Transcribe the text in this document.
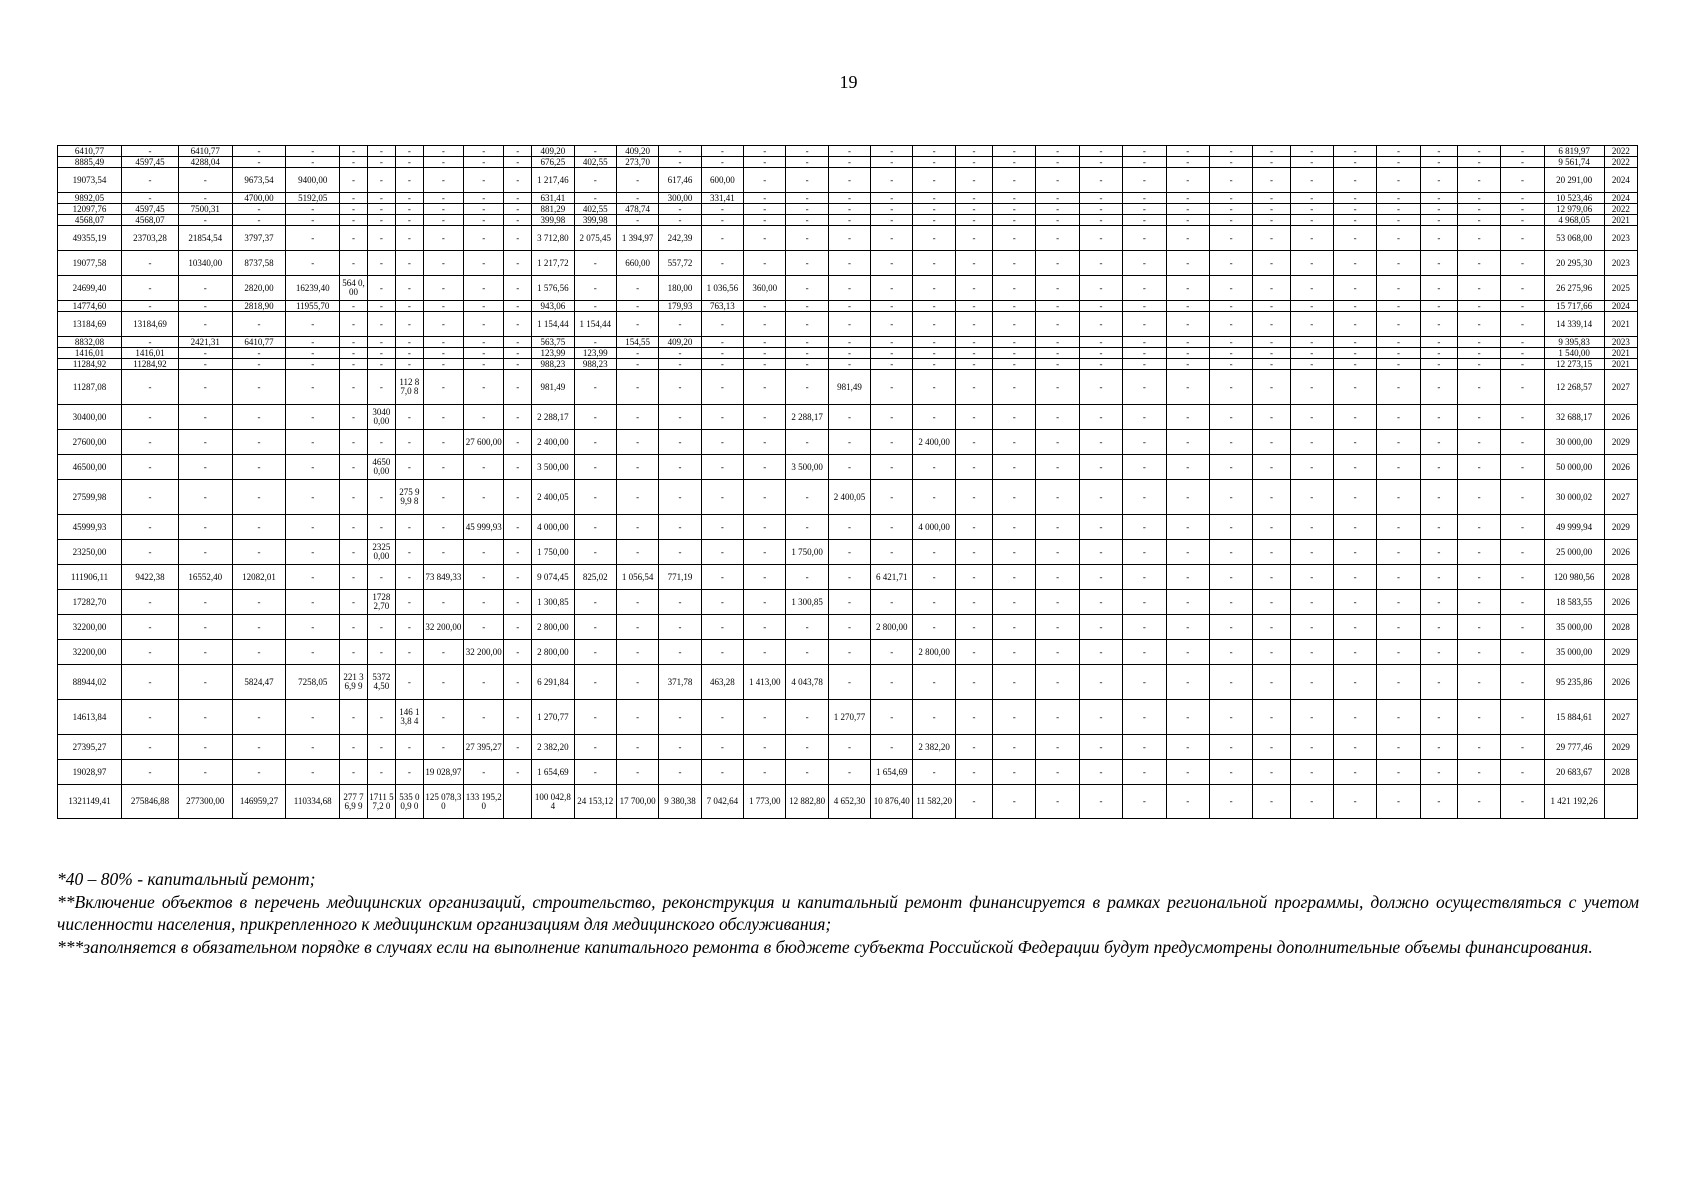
19
6410,77	-	6410,77	-	-	-	-	-	-	-	-	409,20	-	409,20	-	-	-	-	-	-	-	-	-	-	-	-	-	-	-	-	-	-	-	-	-	6 819,97	2022
8885,49	4597,45	4288,04	-	-	-	-	-	-	-	-	676,25	402,55	273,70	-	-	-	-	-	-	-	-	-	-	-	-	-	-	-	-	-	-	-	-	-	9 561,74	2022
19073,54	-	-	9673,54	9400,00	-	-	-	-	-	-	1 217,46	-	-	617,46	600,00	-	-	-	-	-	-	-	-	-	-	-	-	-	-	-	-	-	-	-	20 291,00	2024
9892,05	-	-	4700,00	5192,05	-	-	-	-	-	-	631,41	-	-	300,00	331,41	-	-	-	-	-	-	-	-	-	-	-	-	-	-	-	-	-	-	-	10 523,46	2024
12097,76	4597,45	7500,31	-	-	-	-	-	-	-	-	881,29	402,55	478,74	-	-	-	-	-	-	-	-	-	-	-	-	-	-	-	-	-	-	-	-	-	12 979,06	2022
4568,07	4568,07	-	-	-	-	-	-	-	-	-	399,98	399,98	-	-	-	-	-	-	-	-	-	-	-	-	-	-	-	-	-	-	-	-	-	-	4 968,05	2021
49355,19	23703,28	21854,54	3797,37	-	-	-	-	-	-	-	3 712,80	2 075,45	1 394,97	242,39	-	-	-	-	-	-	-	-	-	-	-	-	-	-	-	-	-	-	-	-	53 068,00	2023
19077,58	-	10340,00	8737,58	-	-	-	-	-	-	-	1 217,72	-	660,00	557,72	-	-	-	-	-	-	-	-	-	-	-	-	-	-	-	-	-	-	-	-	20 295,30	2023
24699,40	-	-	2820,00	16239,40	564 0,00	-	-	-	-	-	1 576,56	-	-	180,00	1 036,56	360,00	-	-	-	-	-	-	-	-	-	-	-	-	-	-	-	-	-	-	26 275,96	2025
14774,60	-	-	2818,90	11955,70	-	-	-	-	-	-	943,06	-	-	179,93	763,13	-	-	-	-	-	-	-	-	-	-	-	-	-	-	-	-	-	-	-	15 717,66	2024
13184,69	13184,69	-	-	-	-	-	-	-	-	-	1 154,44	1 154,44	-	-	-	-	-	-	-	-	-	-	-	-	-	-	-	-	-	-	-	-	-	-	14 339,14	2021
8832,08	-	2421,31	6410,77	-	-	-	-	-	-	-	563,75	-	154,55	409,20	-	-	-	-	-	-	-	-	-	-	-	-	-	-	-	-	-	-	-	-	9 395,83	2023
1416,01	1416,01	-	-	-	-	-	-	-	-	-	123,99	123,99	-	-	-	-	-	-	-	-	-	-	-	-	-	-	-	-	-	-	-	-	-	-	1 540,00	2021
11284,92	11284,92	-	-	-	-	-	-	-	-	-	988,23	988,23	-	-	-	-	-	-	-	-	-	-	-	-	-	-	-	-	-	-	-	-	-	-	12 273,15	2021
11287,08	-	-	-	-	-	-	112 87,0 8	-	-	-	981,49	-	-	-	-	-	-	981,49	-	-	-	-	-	-	-	-	-	-	-	-	-	-	-	-	12 268,57	2027
30400,00	-	-	-	-	-	3040 0,00	-	-	-	-	2 288,17	-	-	-	-	-	2 288,17	-	-	-	-	-	-	-	-	-	-	-	-	-	-	-	-	-	32 688,17	2026
27600,00	-	-	-	-	-	-	-	-	27 600,00	-	2 400,00	-	-	-	-	-	-	-	-	2 400,00	-	-	-	-	-	-	-	-	-	-	-	-	-	-	30 000,00	2029
46500,00	-	-	-	-	-	4650 0,00	-	-	-	-	3 500,00	-	-	-	-	-	3 500,00	-	-	-	-	-	-	-	-	-	-	-	-	-	-	-	-	-	50 000,00	2026
27599,98	-	-	-	-	-	-	275 99,9 8	-	-	-	2 400,05	-	-	-	-	-	-	2 400,05	-	-	-	-	-	-	-	-	-	-	-	-	-	-	-	-	30 000,02	2027
45999,93	-	-	-	-	-	-	-	-	45 999,93	-	4 000,00	-	-	-	-	-	-	-	-	4 000,00	-	-	-	-	-	-	-	-	-	-	-	-	-	-	49 999,94	2029
23250,00	-	-	-	-	-	2325 0,00	-	-	-	-	1 750,00	-	-	-	-	-	1 750,00	-	-	-	-	-	-	-	-	-	-	-	-	-	-	-	-	-	25 000,00	2026
111906,11	9422,38	16552,40	12082,01	-	-	-	-	73 849,33	-	-	9 074,45	825,02	1 056,54	771,19	-	-	-	-	6 421,71	-	-	-	-	-	-	-	-	-	-	-	-	-	-	-	120 980,56	2028
17282,70	-	-	-	-	-	1728 2,70	-	-	-	-	1 300,85	-	-	-	-	-	1 300,85	-	-	-	-	-	-	-	-	-	-	-	-	-	-	-	-	-	18 583,55	2026
32200,00	-	-	-	-	-	-	-	32 200,00	-	-	2 800,00	-	-	-	-	-	-	-	2 800,00	-	-	-	-	-	-	-	-	-	-	-	-	-	-	-	35 000,00	2028
32200,00	-	-	-	-	-	-	-	-	32 200,00	-	2 800,00	-	-	-	-	-	-	-	-	2 800,00	-	-	-	-	-	-	-	-	-	-	-	-	-	-	35 000,00	2029
88944,02	-	-	5824,47	7258,05	221 36,9 9	5372 4,50	-	-	-	-	6 291,84	-	-	371,78	463,28	1 413,00	4 043,78	-	-	-	-	-	-	-	-	-	-	-	-	-	-	-	-	-	95 235,86	2026
14613,84	-	-	-	-	-	-	146 13,8 4	-	-	-	1 270,77	-	-	-	-	-	-	1 270,77	-	-	-	-	-	-	-	-	-	-	-	-	-	-	-	-	15 884,61	2027
27395,27	-	-	-	-	-	-	-	-	27 395,27	-	2 382,20	-	-	-	-	-	-	-	-	2 382,20	-	-	-	-	-	-	-	-	-	-	-	-	-	-	29 777,46	2029
19028,97	-	-	-	-	-	-	-	19 028,97	-	-	1 654,69	-	-	-	-	-	-	-	1 654,69	-	-	-	-	-	-	-	-	-	-	-	-	-	-	-	20 683,67	2028
1321149,41	275846,88	277300,00	146959,27	110334,68	277 76,9 9	1711 57,2 0	535 00,9 0	125 078,30	133 195,20		100 042,84	24 153,12	17 700,00	9 380,38	7 042,64	1 773,00	12 882,80	4 652,30	10 876,40	11 582,20	-	-	-	-	-	-	-	-	-	-	-	-	-	-	1 421 192,26	

*40 – 80% - капитальный ремонт;

**Включение объектов в перечень медицинских организаций, строительство, реконструкция и капитальный ремонт финансируется в рамках региональной программы, должно осуществляться с учетом численности населения, прикрепленного к медицинским организациям для медицинского обслуживания;

***заполняется в обязательном порядке в случаях если на выполнение капитального ремонта в бюджете субъекта Российской Федерации будут предусмотрены дополнительные объемы финансирования.
